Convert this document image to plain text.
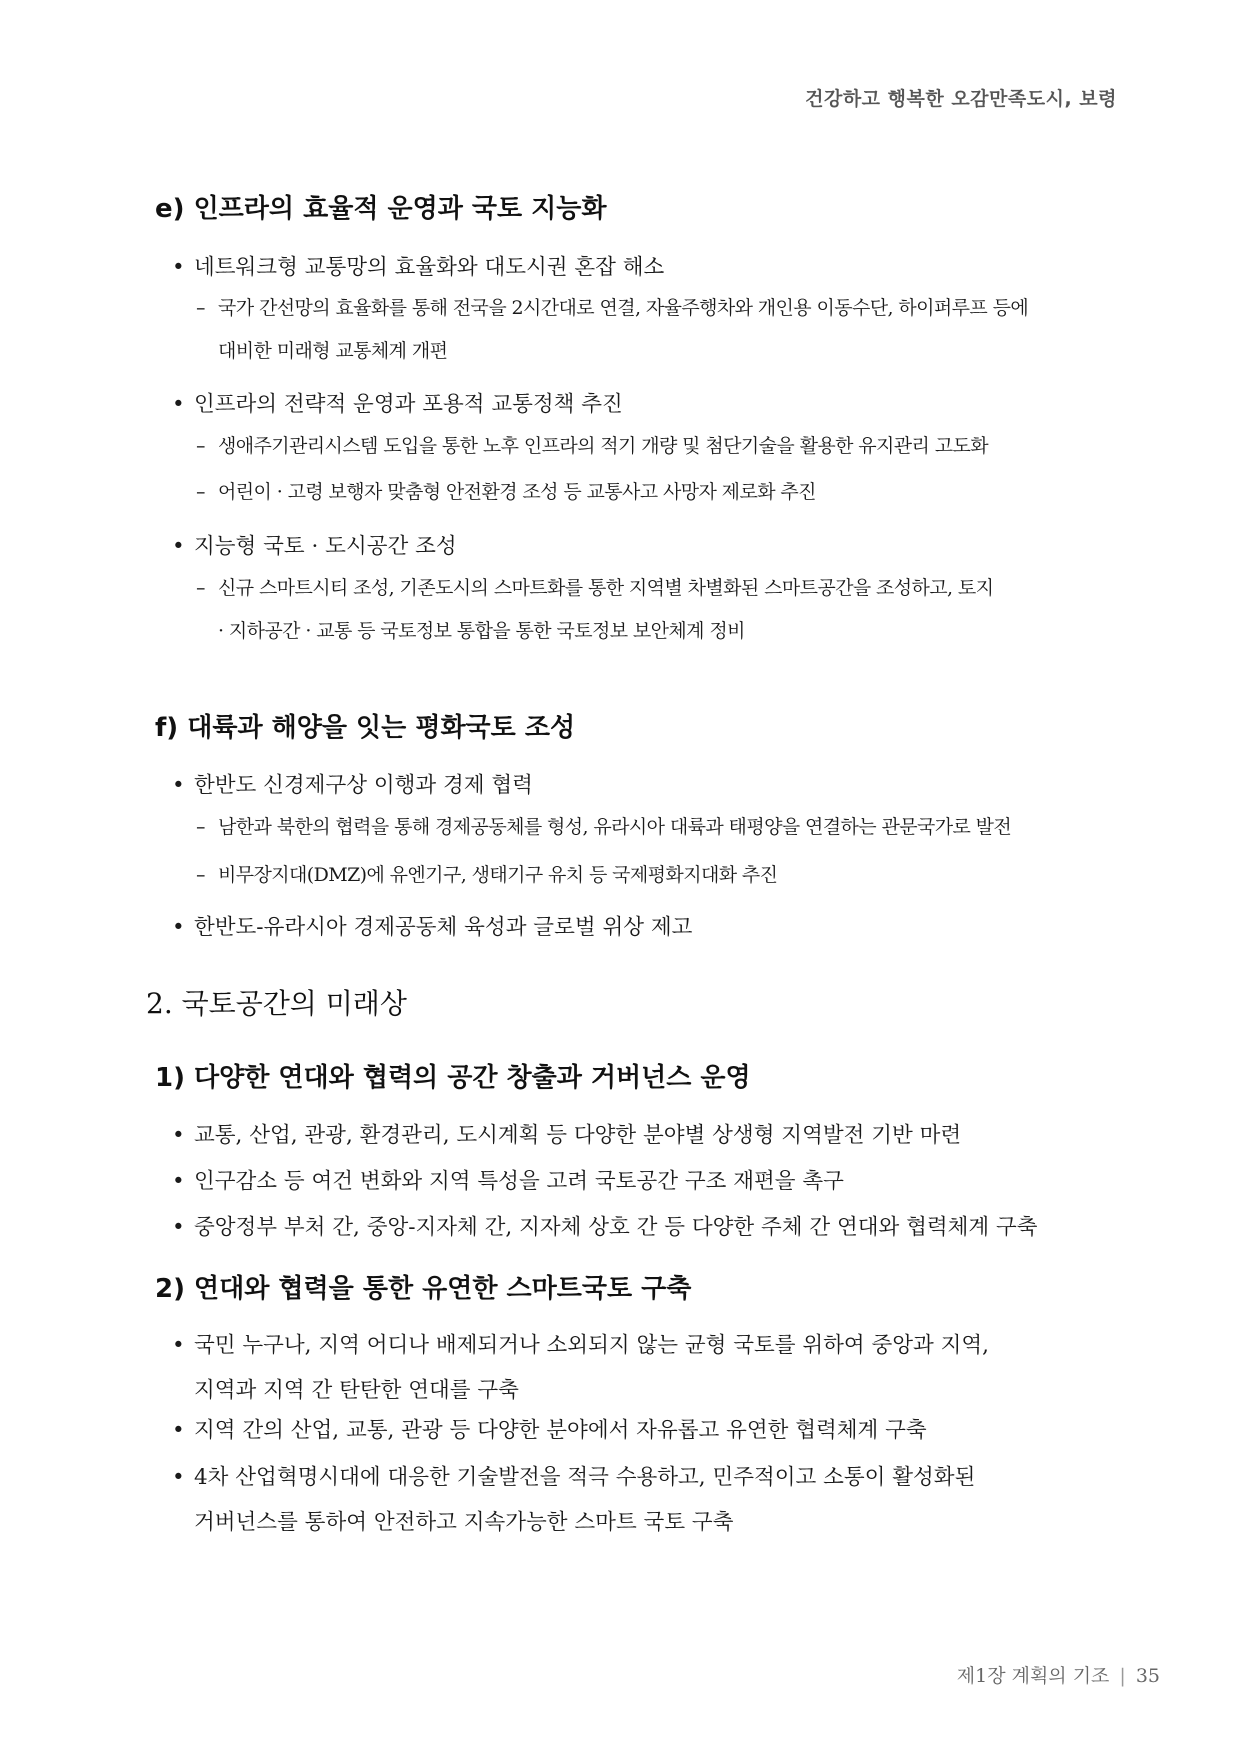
건강하고 행복한 오감만족도시, 보령
e) 인프라의 효율적 운영과 국토 지능화
• 네트워크형 교통망의 효율화와 대도시권 혼잡 해소
– 국가 간선망의 효율화를 통해 전국을 2시간대로 연결, 자율주행차와 개인용 이동수단, 하이퍼루프 등에
대비한 미래형 교통체계 개편
• 인프라의 전략적 운영과 포용적 교통정책 추진
– 생애주기관리시스템 도입을 통한 노후 인프라의 적기 개량 및 첨단기술을 활용한 유지관리 고도화
– 어린이 · 고령 보행자 맞춤형 안전환경 조성 등 교통사고 사망자 제로화 추진
• 지능형 국토 · 도시공간 조성
– 신규 스마트시티 조성, 기존도시의 스마트화를 통한 지역별 차별화된 스마트공간을 조성하고, 토지
· 지하공간 · 교통 등 국토정보 통합을 통한 국토정보 보안체계 정비
f) 대륙과 해양을 잇는 평화국토 조성
• 한반도 신경제구상 이행과 경제 협력
– 남한과 북한의 협력을 통해 경제공동체를 형성, 유라시아 대륙과 태평양을 연결하는 관문국가로 발전
– 비무장지대(DMZ)에 유엔기구, 생태기구 유치 등 국제평화지대화 추진
• 한반도-유라시아 경제공동체 육성과 글로벌 위상 제고
2. 국토공간의 미래상
1) 다양한 연대와 협력의 공간 창출과 거버넌스 운영
• 교통, 산업, 관광, 환경관리, 도시계획 등 다양한 분야별 상생형 지역발전 기반 마련
• 인구감소 등 여건 변화와 지역 특성을 고려 국토공간 구조 재편을 촉구
• 중앙정부 부처 간, 중앙-지자체 간, 지자체 상호 간 등 다양한 주체 간 연대와 협력체계 구축
2) 연대와 협력을 통한 유연한 스마트국토 구축
• 국민 누구나, 지역 어디나 배제되거나 소외되지 않는 균형 국토를 위하여 중앙과 지역,
지역과 지역 간 탄탄한 연대를 구축
• 지역 간의 산업, 교통, 관광 등 다양한 분야에서 자유롭고 유연한 협력체계 구축
• 4차 산업혁명시대에 대응한 기술발전을 적극 수용하고, 민주적이고 소통이 활성화된
거버넌스를 통하여 안전하고 지속가능한 스마트 국토 구축
제1장 계획의 기조 | 35
